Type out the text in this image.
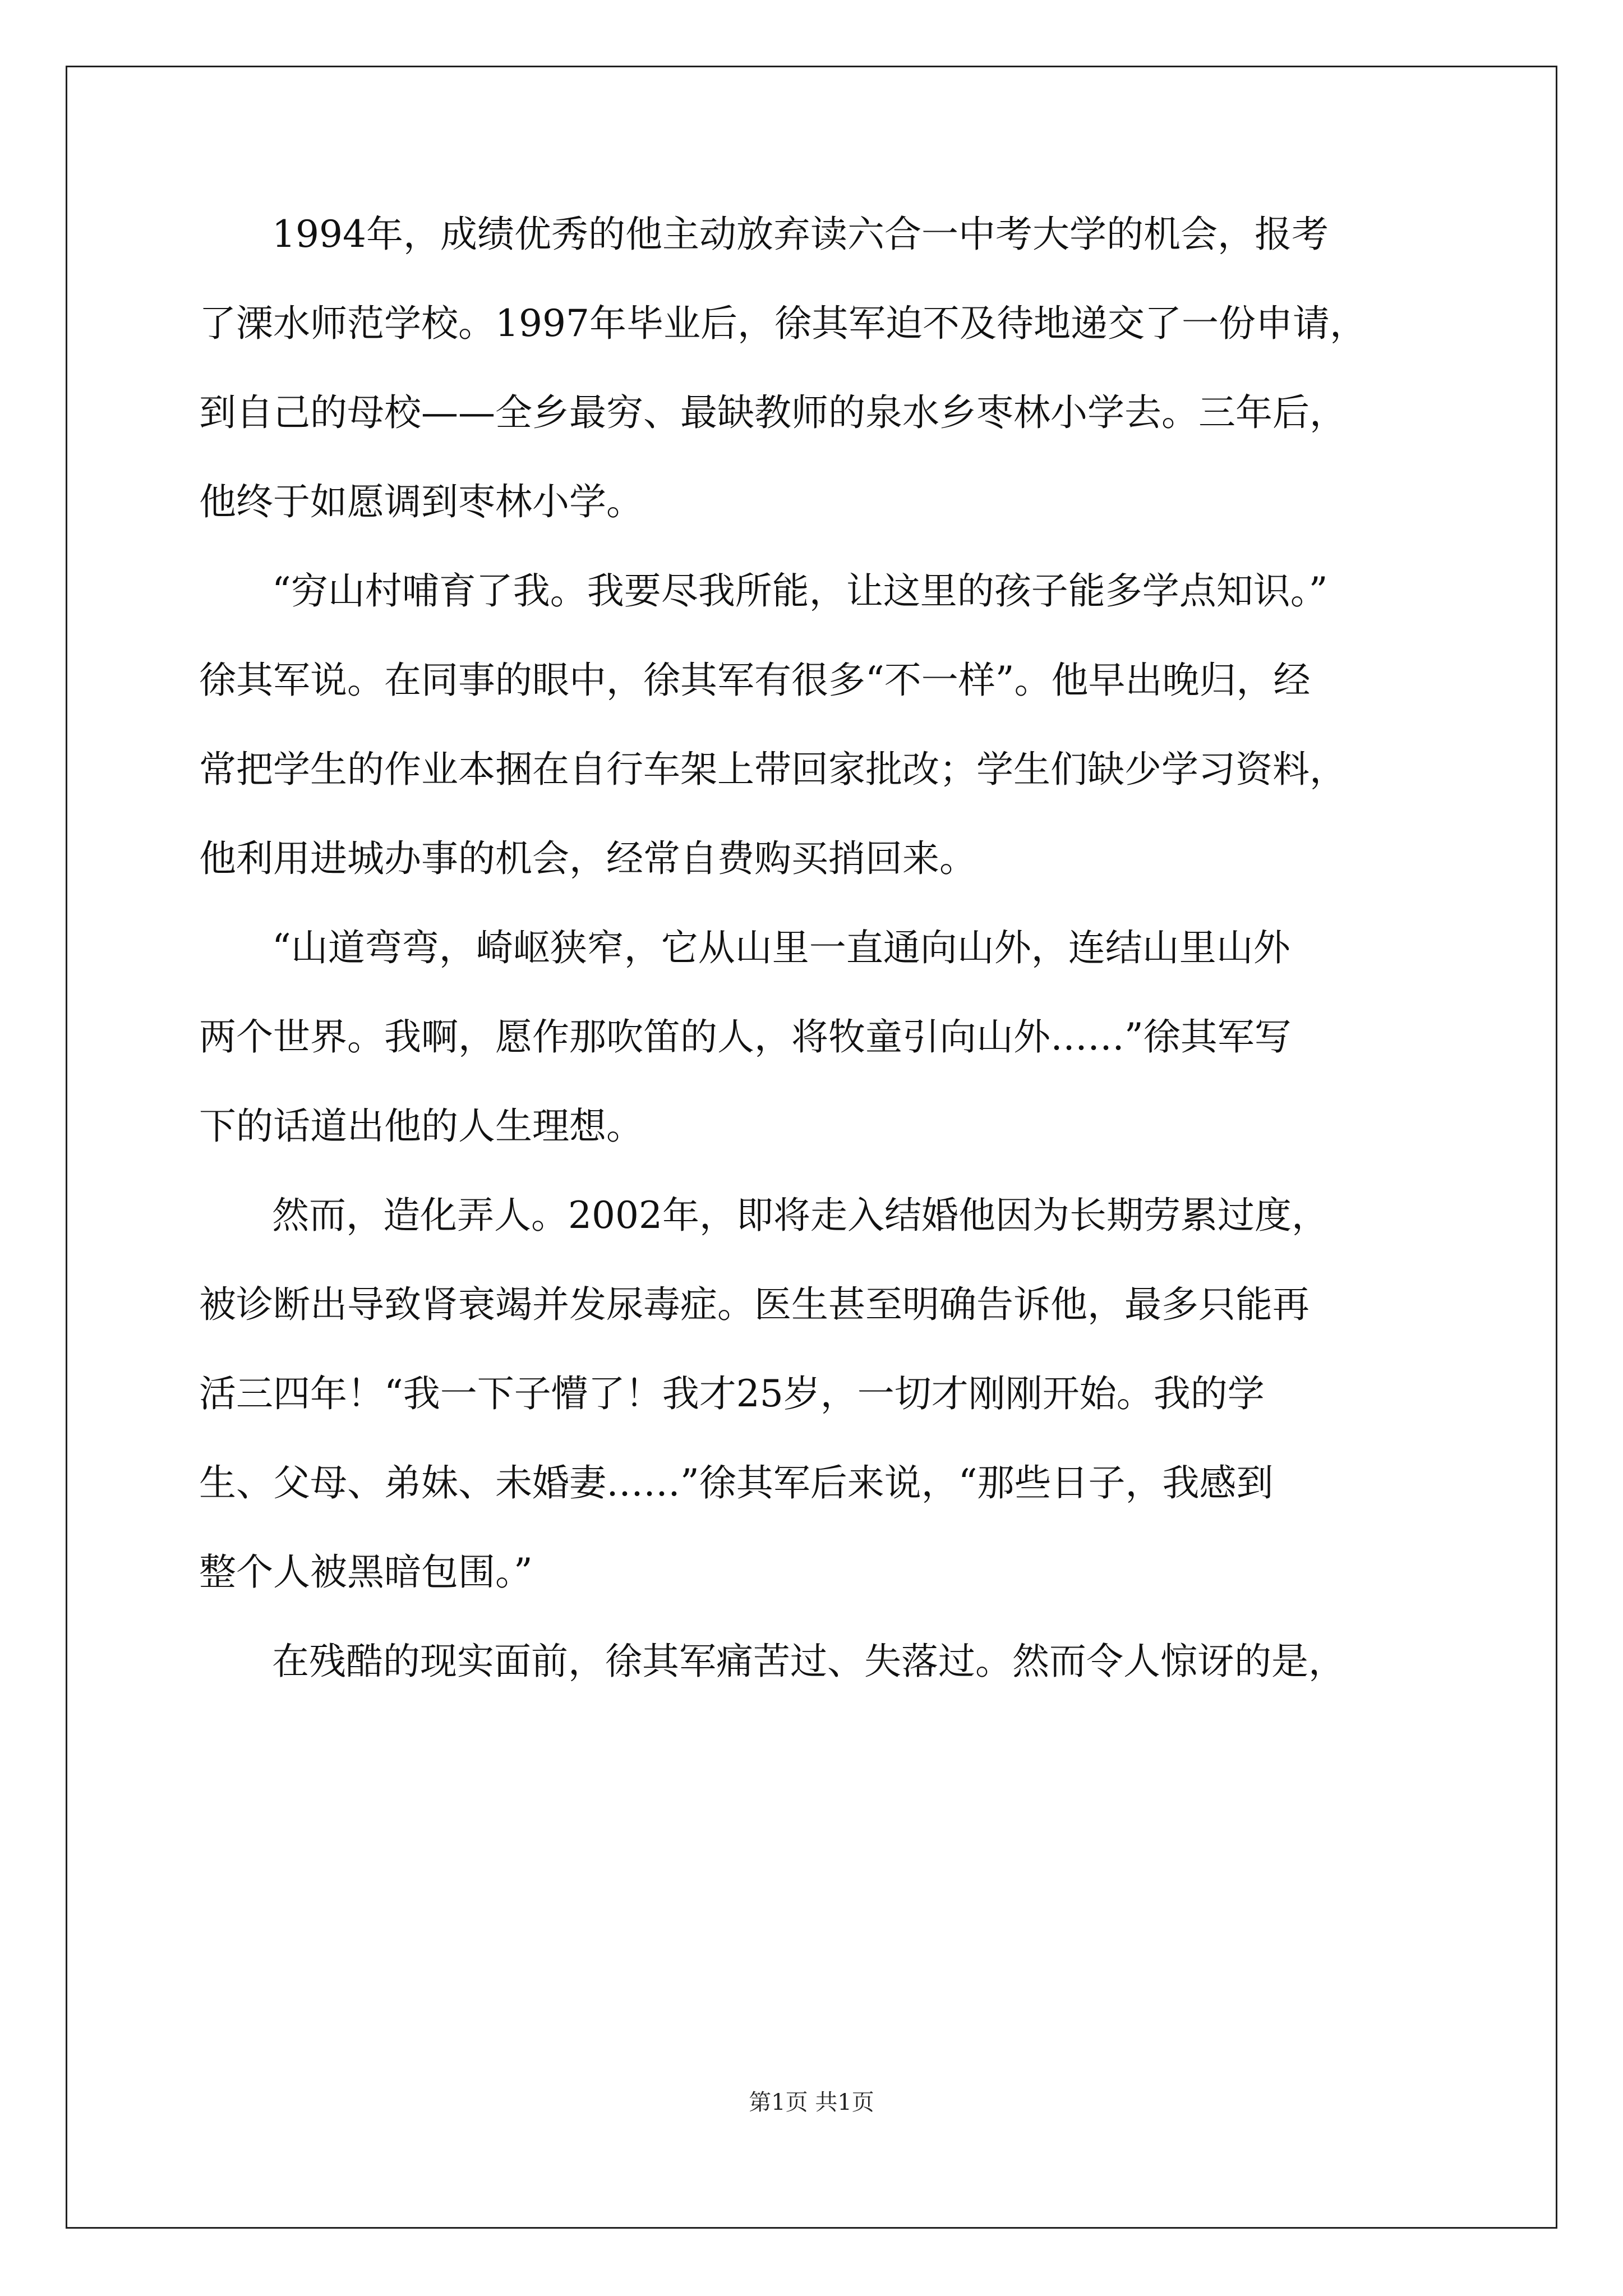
1994年，成绩优秀的他主动放弃读六合一中考大学的机会，报考
了溧水师范学校。1997年毕业后，徐其军迫不及待地递交了一份申请，
到自己的母校——全乡最穷、最缺教师的泉水乡枣林小学去。三年后，
他终于如愿调到枣林小学。
“穷山村哺育了我。我要尽我所能，让这里的孩子能多学点知识。”
徐其军说。在同事的眼中，徐其军有很多“不一样”。他早出晚归，经
常把学生的作业本捆在自行车架上带回家批改；学生们缺少学习资料，
他利用进城办事的机会，经常自费购买捎回来。
“山道弯弯，崎岖狭窄，它从山里一直通向山外，连结山里山外
两个世界。我啊，愿作那吹笛的人，将牧童引向山外……”徐其军写
下的话道出他的人生理想。
然而，造化弄人。2002年，即将走入结婚他因为长期劳累过度，
被诊断出导致肾衰竭并发尿毒症。医生甚至明确告诉他，最多只能再
活三四年！“我一下子懵了！我才25岁，一切才刚刚开始。我的学
生、父母、弟妹、未婚妻……”徐其军后来说，“那些日子，我感到
整个人被黑暗包围。”
在残酷的现实面前，徐其军痛苦过、失落过。然而令人惊讶的是，
第1页 共1页
